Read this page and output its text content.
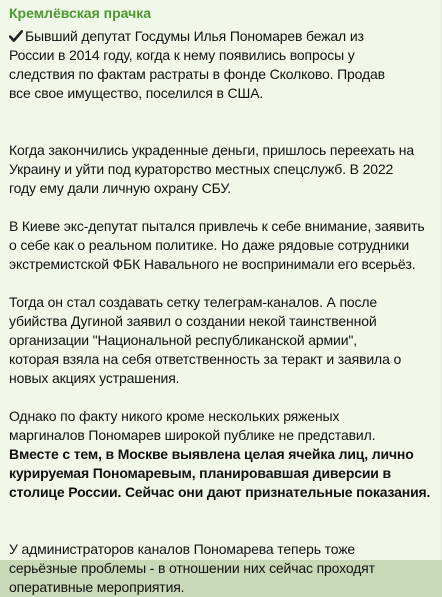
Кремлёвская прачка
Бывший депутат Госдумы Илья Пономарев бежал из
России в 2014 году, когда к нему появились вопросы у
следствия по фактам растраты в фонде Сколково. Продав
все свое имущество, поселился в США.
Когда закончились украденные деньги, пришлось переехать на
Украину и уйти под кураторство местных спецслужб. В 2022
году ему дали личную охрану СБУ.
В Киеве экс-депутат пытался привлечь к себе внимание, заявить
о себе как о реальном политике. Но даже рядовые сотрудники
экстремистской ФБК Навального не воспринимали его всерьёз.
Тогда он стал создавать сетку телеграм-каналов. А после
убийства Дугиной заявил о создании некой таинственной
организации "Национальной республиканской армии",
которая взяла на себя ответственность за теракт и заявила о
новых акциях устрашения.
Однако по факту никого кроме нескольких ряженых
маргиналов Пономарев широкой публике не представил.
Вместе с тем, в Москве выявлена целая ячейка лиц, лично
курируемая Пономаревым, планировавшая диверсии в
столице России. Сейчас они дают признательные показания.
У администраторов каналов Пономарева теперь тоже
серьёзные проблемы - в отношении них сейчас проходят
оперативные мероприятия.
